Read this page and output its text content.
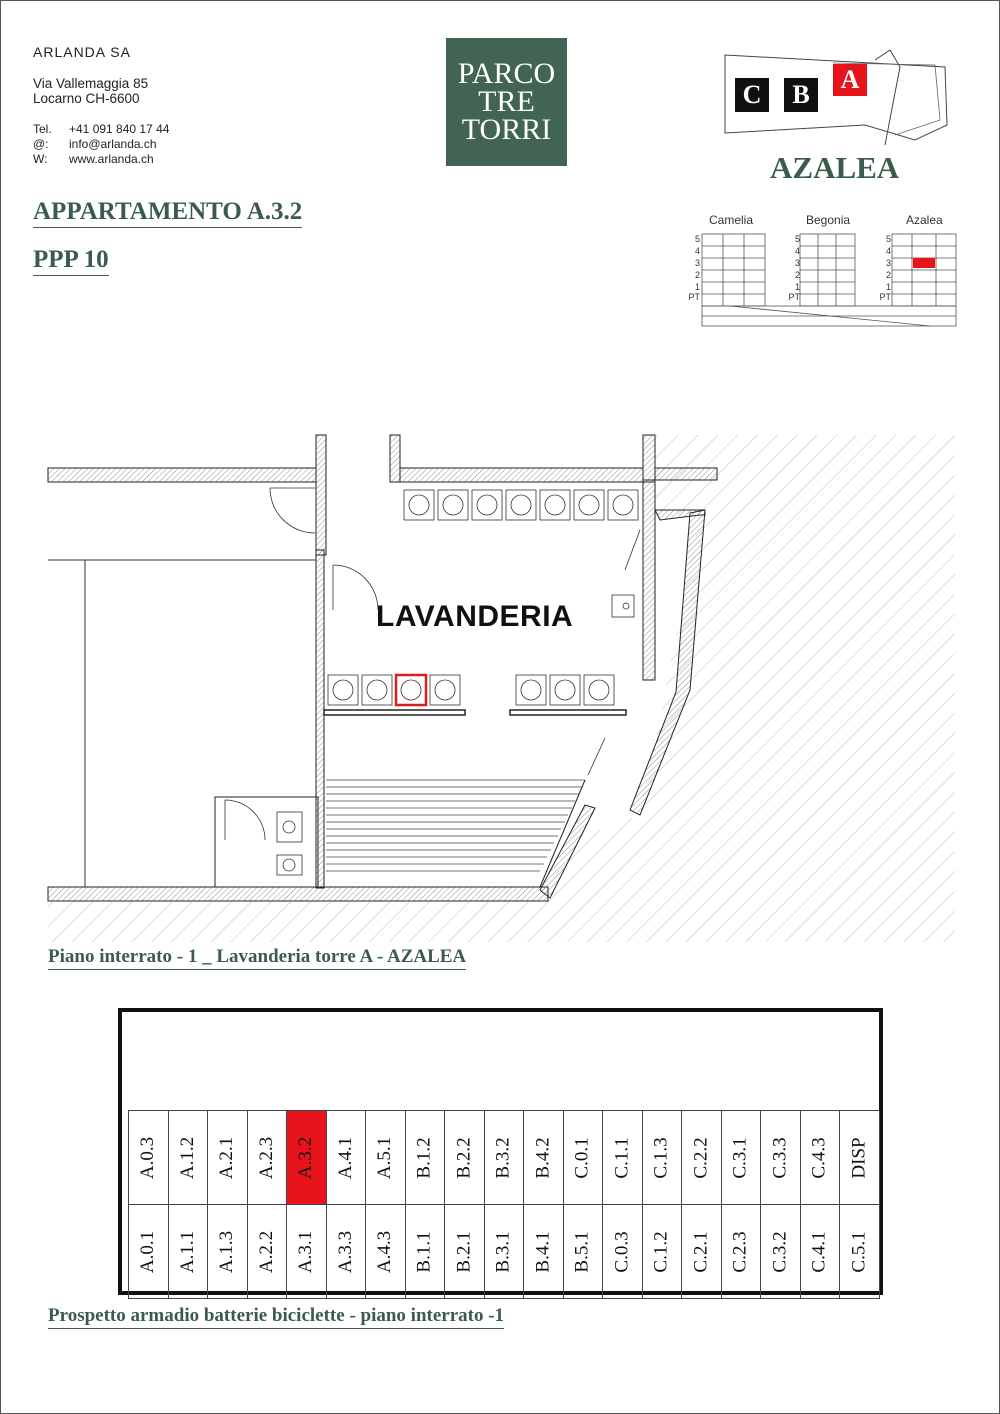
ARLANDA SA
Via Vallemaggia 85
Locarno CH-6600
Tel.	+41 091 840 17 44
@:	info@arlanda.ch
W:	www.arlanda.ch
PARCO
TRE
TORRI
APPARTAMENTO A.3.2
PPP 10
C	B
A
AZALEA
Camelia	Begonia	Azalea
5
4
3
2
1
PT
5
4
3
2
1
PT
5
4
3
2
1
PT
LAVANDERIA
Piano interrato - 1 _ Lavanderia torre A - AZALEA
A.0.3 A.1.2 A.2.1 A.2.3 A.3.2 A.4.1 A.5.1 B.1.2 B.2.2 B.3.2 B.4.2 C.0.1 C.1.1 C.1.3 C.2.2 C.3.1 C.3.3 C.4.3 DISP
A.0.1 A.1.1 A.1.3 A.2.2 A.3.1 A.3.3 A.4.3 B.1.1 B.2.1 B.3.1 B.4.1 B.5.1 C.0.3 C.1.2 C.2.1 C.2.3 C.3.2 C.4.1 C.5.1
Prospetto armadio batterie biciclette - piano interrato -1
